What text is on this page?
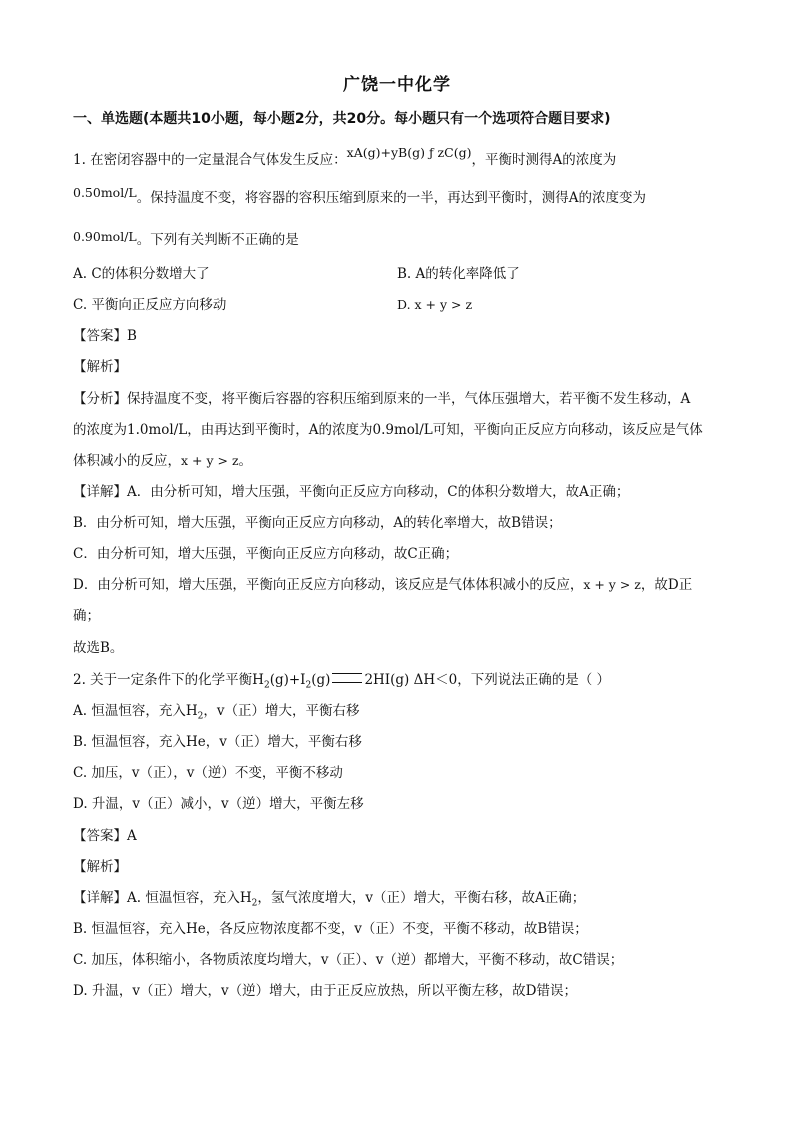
广饶一中化学
一、单选题(本题共10小题，每小题2分，共20分。每小题只有一个选项符合题目要求)
1. 在密闭容器中的一定量混合气体发生反应：xA(g)+yB(g) ƒ zC(g)，平衡时测得A的浓度为
0.50mol/L。保持温度不变，将容器的容积压缩到原来的一半，再达到平衡时，测得A的浓度变为
0.90mol/L。下列有关判断不正确的是
A. C的体积分数增大了	B. A的转化率降低了
C. 平衡向正反应方向移动	D. x + y > z
【答案】B
【解析】
【分析】保持温度不变，将平衡后容器的容积压缩到原来的一半，气体压强增大，若平衡不发生移动，A
的浓度为1.0mol/L，由再达到平衡时，A的浓度为0.9mol/L可知，平衡向正反应方向移动，该反应是气体
体积减小的反应，x + y > z。
【详解】A．由分析可知，增大压强，平衡向正反应方向移动，C的体积分数增大，故A正确；
B．由分析可知，增大压强，平衡向正反应方向移动，A的转化率增大，故B错误；
C．由分析可知，增大压强，平衡向正反应方向移动，故C正确；
D．由分析可知，增大压强，平衡向正反应方向移动，该反应是气体体积减小的反应，x + y > z，故D正
确；
故选B。
2. 关于一定条件下的化学平衡$H_2(g)+I_2(g)$	2HI(g) ΔH＜0，下列说法正确的是（ ）
A. 恒温恒容，充入$H_2$，v（正）增大，平衡右移
B. 恒温恒容，充入He，v（正）增大，平衡右移
C. 加压，v（正），v（逆）不变，平衡不移动
D. 升温，v（正）减小，v（逆）增大，平衡左移
【答案】A
【解析】
【详解】A. 恒温恒容，充入$H_2$，氢气浓度增大，v（正）增大，平衡右移，故A正确；
B. 恒温恒容，充入He，各反应物浓度都不变，v（正）不变，平衡不移动，故B错误；
C. 加压，体积缩小，各物质浓度均增大，v（正）、v（逆）都增大，平衡不移动，故C错误；
D. 升温，v（正）增大，v（逆）增大，由于正反应放热，所以平衡左移，故D错误；
